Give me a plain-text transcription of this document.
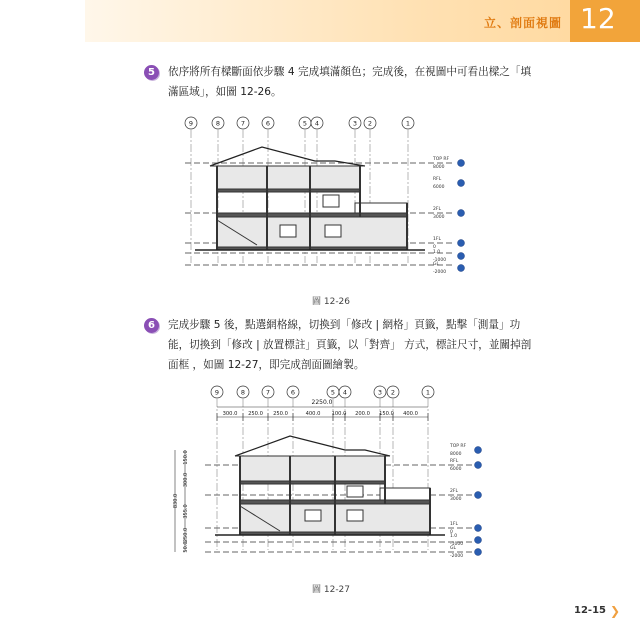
立、剖面視圖 12
5	依序將所有樑斷面依步驟 4 完成填滿顏色；完成後，在視圖中可看出樑之「填滿區域」，如圖 12-26。
9	8	7	6	5 4	3 2	1
TOP RF
8000
RFL
6000
2FL
3000
1FL
0
1.0
-1000
GL
-2000
圖 12-26
6	完成步驟 5 後，點選網格線，切換到「修改 | 網格」頁籤，點擊「測量」功能，切換到「修改 | 放置標註」頁籤，以「對齊」 方式，標註尺寸，並關掉剖面框 ，如圖 12-27，即完成剖面圖繪製。
9	8	7	6	5 4	3 2	1
2250.0
300.0 250.0 250.0	400.0 100.0 200.0 150.0 400.0
50.0
250.0
355.0
300.0
150.0
830.0
TOP RF
8000
RFL
6000
2FL
3000
1FL
0
1.0
-1000
GL
-2000
圖 12-27
12-15 ❯
